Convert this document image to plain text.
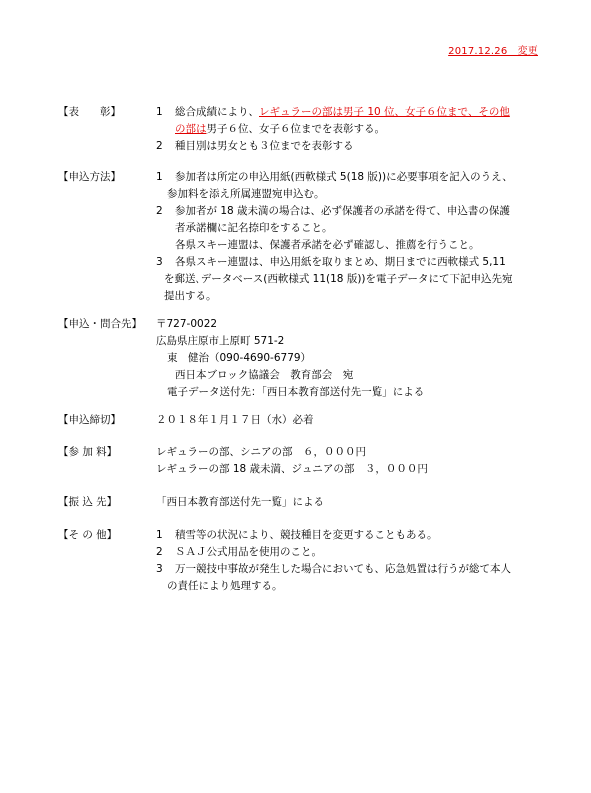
2017.12.26　変更
【表　　彰】	1 総合成績により、レギュラーの部は男子 10 位、女子６位まで、その他
の部は男子６位、女子６位までを表彰する。
2 種目別は男女とも３位までを表彰する
【申込方法】	1 参加者は所定の申込用紙(西軟様式 5(18 版))に必要事項を記入のうえ、
参加料を添え所属連盟宛申込む。
2 参加者が 18 歳未満の場合は、必ず保護者の承諾を得て、申込書の保護
者承諾欄に記名捺印をすること。
各県スキー連盟は、保護者承諾を必ず確認し、推薦を行うこと。
3 各県スキー連盟は、申込用紙を取りまとめ、期日までに西軟様式 5,11
を郵送､データベース(西軟様式 11(18 版))を電子データにて下記申込先宛
提出する。
【申込・問合先】 〒727-0022
広島県庄原市上原町 571-2
東　健治（090-4690-6779）
西日本ブロック協議会　教育部会　宛
電子データ送付先：「西日本教育部送付先一覧」による
【申込締切】	２０１８年１月１７日（水）必着
【参 加 料】	レギュラーの部、シニアの部　６，０００円
レギュラーの部 18 歳未満、ジュニアの部　３，０００円
【振 込 先】	「西日本教育部送付先一覧」による
【そ の 他】	1 積雪等の状況により、競技種目を変更することもある。
2 ＳＡＪ公式用品を使用のこと。
3 万一競技中事故が発生した場合においても、応急処置は行うが総て本人
の責任により処理する。
